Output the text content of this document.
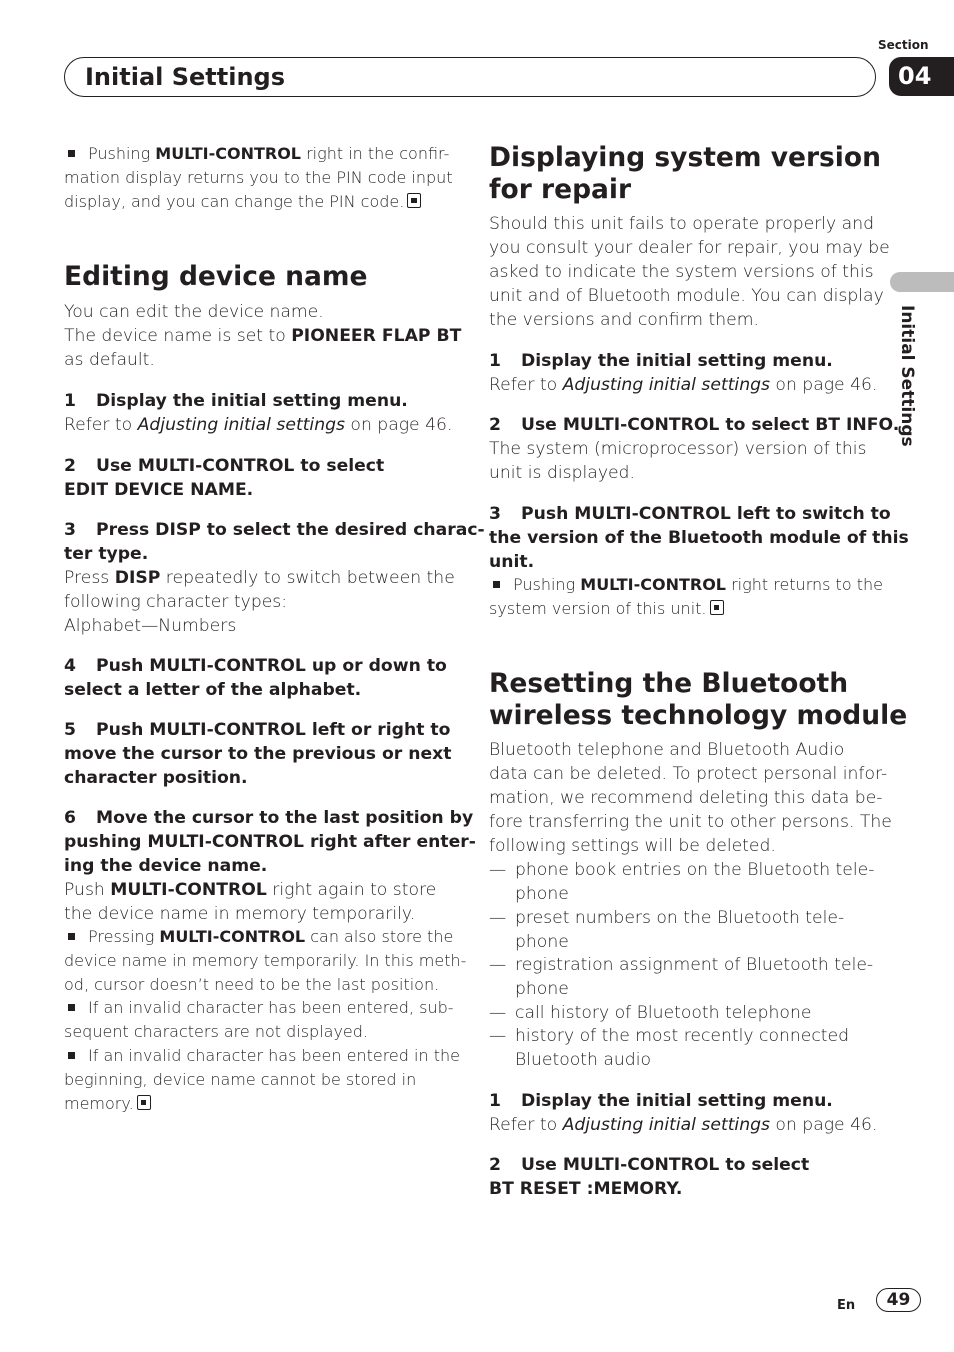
Section
04
Initial Settings
Initial Settings
Pushing MULTI-CONTROL right in the confir-
mation display returns you to the PIN code input
display, and you can change the PIN code.
Editing device name
You can edit the device name.
The device name is set to PIONEER FLAP BT
as default.
1 Display the initial setting menu.
Refer to Adjusting initial settings on page 46.
2 Use MULTI-CONTROL to select
EDIT DEVICE NAME.
3 Press DISP to select the desired charac-
ter type.
Press DISP repeatedly to switch between the
following character types:
Alphabet—Numbers
4 Push MULTI-CONTROL up or down to
select a letter of the alphabet.
5 Push MULTI-CONTROL left or right to
move the cursor to the previous or next
character position.
6 Move the cursor to the last position by
pushing MULTI-CONTROL right after enter-
ing the device name.
Push MULTI-CONTROL right again to store
the device name in memory temporarily.
Pressing MULTI-CONTROL can also store the
device name in memory temporarily. In this meth-
od, cursor doesn’t need to be the last position.
If an invalid character has been entered, sub-
sequent characters are not displayed.
If an invalid character has been entered in the
beginning, device name cannot be stored in
memory.
Displaying system version
for repair
Should this unit fails to operate properly and
you consult your dealer for repair, you may be
asked to indicate the system versions of this
unit and of Bluetooth module. You can display
the versions and confirm them.
1 Display the initial setting menu.
Refer to Adjusting initial settings on page 46.
2 Use MULTI-CONTROL to select BT INFO.
The system (microprocessor) version of this
unit is displayed.
3 Push MULTI-CONTROL left to switch to
the version of the Bluetooth module of this
unit.
Pushing MULTI-CONTROL right returns to the
system version of this unit.
Resetting the Bluetooth
wireless technology module
Bluetooth telephone and Bluetooth Audio
data can be deleted. To protect personal infor-
mation, we recommend deleting this data be-
fore transferring the unit to other persons. The
following settings will be deleted.
— phone book entries on the Bluetooth tele-
phone
— preset numbers on the Bluetooth tele-
phone
— registration assignment of Bluetooth tele-
phone
— call history of Bluetooth telephone
— history of the most recently connected
Bluetooth audio
1 Display the initial setting menu.
Refer to Adjusting initial settings on page 46.
2 Use MULTI-CONTROL to select
BT RESET :MEMORY.
En	49
